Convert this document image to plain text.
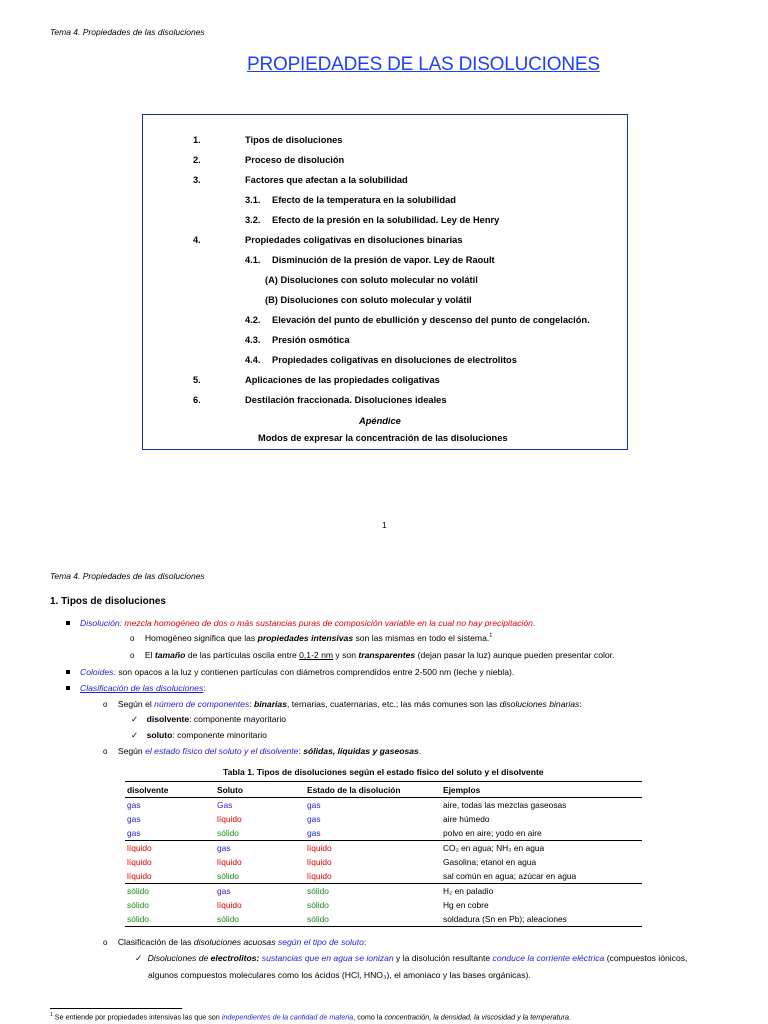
Tema 4. Propiedades de las disoluciones
PROPIEDADES DE LAS DISOLUCIONES
1.	Tipos de disoluciones
2.	Proceso de disolución
3.	Factores que afectan a la solubilidad
3.1. Efecto de la temperatura en la solubilidad
3.2. Efecto de la presión en la solubilidad. Ley de Henry
4.	Propiedades coligativas en disoluciones binarias
4.1. Disminución de la presión de vapor. Ley de Raoult
(A) Disoluciones con soluto molecular no volátil
(B) Disoluciones con soluto molecular y volátil
4.2. Elevación del punto de ebullición y descenso del punto de congelación.
4.3. Presión osmótica
4.4. Propiedades coligativas en disoluciones de electrolitos
5.	Aplicaciones de las propiedades coligativas
6.	Destilación fraccionada. Disoluciones ideales
Apéndice
Modos de expresar la concentración de las disoluciones
1
Tema 4. Propiedades de las disoluciones
1. Tipos de disoluciones
Disolución: mezcla homogéneo de dos o más sustancias puras de composición variable en la cual no hay precipitación.
o Homogéneo significa que las propiedades intensivas son las mismas en todo el sistema.$^1$
o El tamaño de las partículas oscila entre 0,1-2 nm y son transparentes (dejan pasar la luz) aunque pueden presentar color.
Coloides: son opacos a la luz y contienen partículas con diámetros comprendidos entre 2-500 nm (leche y niebla).
Clasificación de las disoluciones:
o Según el número de componentes: binarias, ternarias, cuaternarias, etc.; las más comunes son las disoluciones binarias:
✓ disolvente: componente mayoritario
✓ soluto: componente minoritario
o Según el estado físico del soluto y el disolvente: sólidas, líquidas y gaseosas.
Tabla 1. Tipos de disoluciones según el estado físico del soluto y el disolvente
disolvente	Soluto	Estado de la disolución	Ejemplos
gas	Gas	gas	aire, todas las mezclas gaseosas
gas	líquido	gas	aire húmedo
gas	sólido	gas	polvo en aire; yodo en aire
líquido	gas	líquido	CO₂ en agua; NH₃ en agua
líquido	líquido	líquido	Gasolina; etanol en agua
líquido	sólido	líquido	sal común en agua; azúcar en agua
sólido	gas	sólido	H₂ en paladio
sólido	líquido	sólido	Hg en cobre
sólido	sólido	sólido	soldadura (Sn en Pb); aleaciones
o Clasificación de las disoluciones acuosas según el tipo de soluto:
✓ Disoluciones de electrolitos: sustancias que en agua se ionizan y la disolución resultante conduce la corriente eléctrica (compuestos iónicos,
algunos compuestos moleculares como los ácidos (HCl, HNO₃), el amoniaco y las bases orgánicas).
$^1$ Se entiende por propiedades intensivas las que son independientes de la cantidad de materia, como la concentración, la densidad, la viscosidad y la temperatura.
